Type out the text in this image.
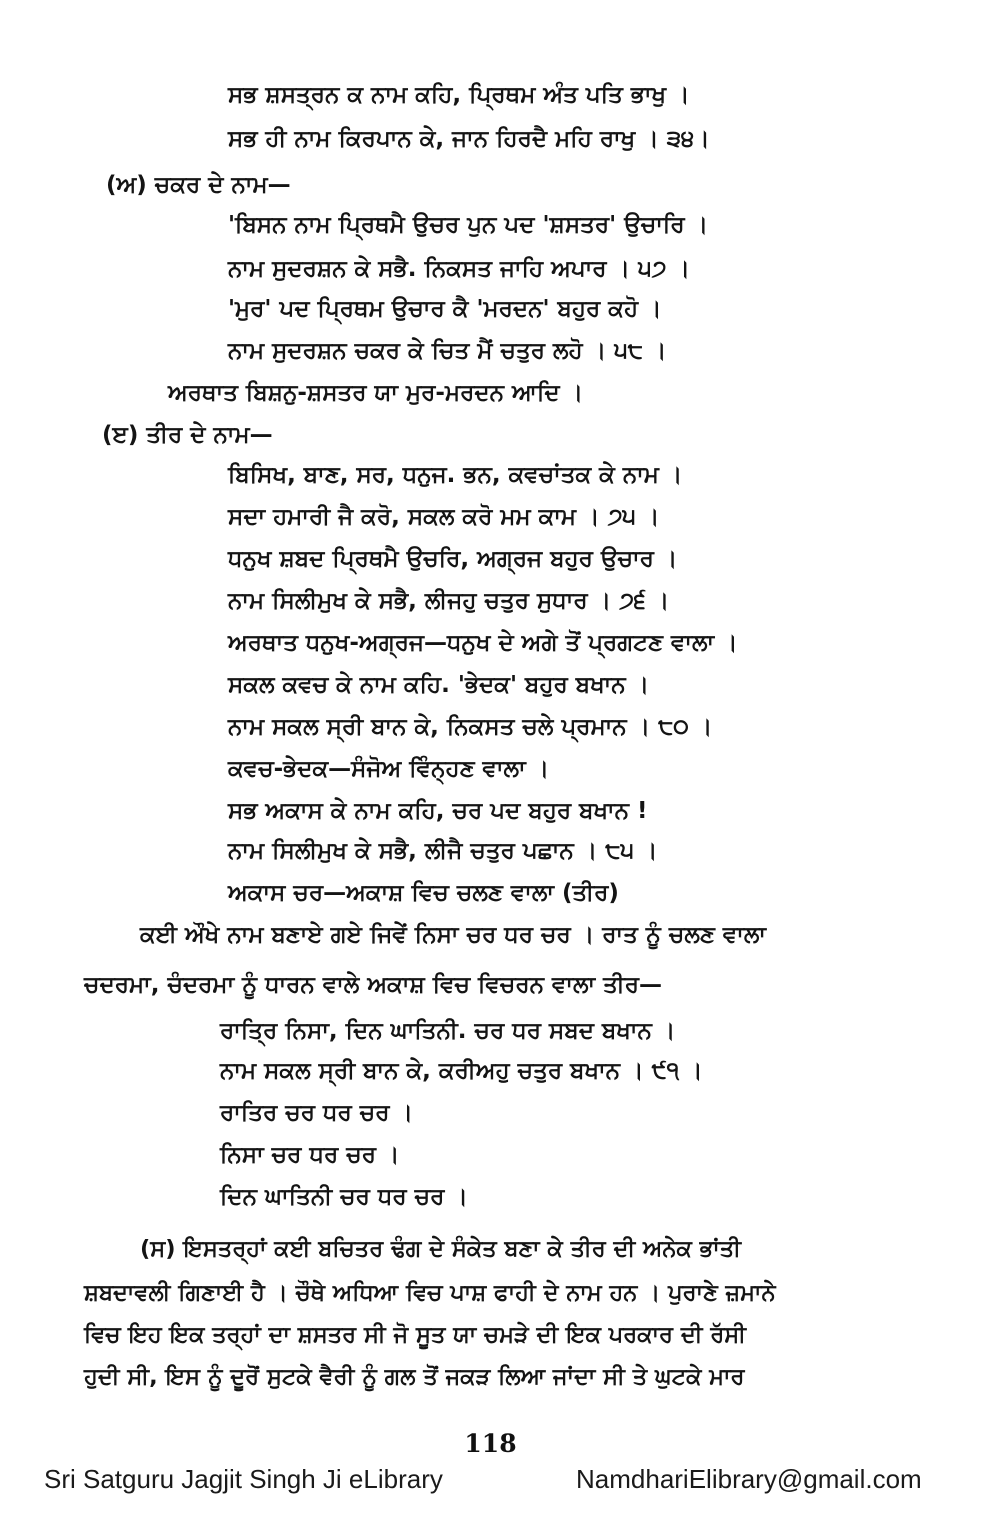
ਸਭ ਸ਼ਸਤ੍ਰਨ ਕ ਨਾਮ ਕਹਿ, ਪ੍ਰਿਥਮ ਅੰਤ ਪਤਿ ਭਾਖੁ ।
ਸਭ ਹੀ ਨਾਮ ਕਿਰਪਾਨ ਕੇ, ਜਾਨ ਹਿਰਦੈ ਮਹਿ ਰਾਖੁ । ੩੪।
(ਅ) ਚਕਰ ਦੇ ਨਾਮ—
'ਬਿਸਨ ਨਾਮ ਪ੍ਰਿਥਮੈ ਉਚਰ ਪੁਨ ਪਦ 'ਸ਼ਸਤਰ' ਉਚਾਰਿ ।
ਨਾਮ ਸੁਦਰਸ਼ਨ ਕੇ ਸਭੈ. ਨਿਕਸਤ ਜਾਹਿ ਅਪਾਰ । ੫੭ ।
'ਮੁਰ' ਪਦ ਪ੍ਰਿਥਮ ਉਚਾਰ ਕੈ 'ਮਰਦਨ' ਬਹੁਰ ਕਹੋ ।
ਨਾਮ ਸੁਦਰਸ਼ਨ ਚਕਰ ਕੇ ਚਿਤ ਮੈਂ ਚਤੁਰ ਲਹੋ । ੫੮ ।
ਅਰਥਾਤ ਬਿਸ਼ਨੁ-ਸ਼ਸਤਰ ਯਾ ਮੁਰ-ਮਰਦਨ ਆਦਿ ।
(ੲ) ਤੀਰ ਦੇ ਨਾਮ—
ਬਿਸਿਖ, ਬਾਣ, ਸਰ, ਧਨੁਜ. ਭਨ, ਕਵਚਾਂਤਕ ਕੇ ਨਾਮ ।
ਸਦਾ ਹਮਾਰੀ ਜੈ ਕਰੋ, ਸਕਲ ਕਰੋ ਮਮ ਕਾਮ । ੭੫ ।
ਧਨੁਖ ਸ਼ਬਦ ਪ੍ਰਿਥਮੈ ਉਚਰਿ, ਅਗ੍ਰਜ ਬਹੁਰ ਉਚਾਰ ।
ਨਾਮ ਸਿਲੀਮੁਖ ਕੇ ਸਭੈ, ਲੀਜਹੁ ਚਤੁਰ ਸੁਧਾਰ । ੭੬ ।
ਅਰਥਾਤ ਧਨੁਖ-ਅਗ੍ਰਜ—ਧਨੁਖ ਦੇ ਅਗੇ ਤੋਂ ਪ੍ਰਗਟਣ ਵਾਲਾ ।
ਸਕਲ ਕਵਚ ਕੇ ਨਾਮ ਕਹਿ. 'ਭੇਦਕ' ਬਹੁਰ ਬਖਾਨ ।
ਨਾਮ ਸਕਲ ਸ੍ਰੀ ਬਾਨ ਕੇ, ਨਿਕਸਤ ਚਲੇ ਪ੍ਰਮਾਨ । ੮੦ ।
ਕਵਚ-ਭੇਦਕ—ਸੰਜੋਅ ਵਿੰਨ੍ਹਣ ਵਾਲਾ ।
ਸਭ ਅਕਾਸ ਕੇ ਨਾਮ ਕਹਿ, ਚਰ ਪਦ ਬਹੁਰ ਬਖਾਨ !
ਨਾਮ ਸਿਲੀਮੁਖ ਕੇ ਸਭੈ, ਲੀਜੈ ਚਤੁਰ ਪਛਾਨ । ੮੫ ।
ਅਕਾਸ ਚਰ—ਅਕਾਸ਼ ਵਿਚ ਚਲਣ ਵਾਲਾ (ਤੀਰ)
ਕਈ ਔਖੇ ਨਾਮ ਬਣਾਏ ਗਏ ਜਿਵੇਂ ਨਿਸਾ ਚਰ ਧਰ ਚਰ । ਰਾਤ ਨੂੰ ਚਲਣ ਵਾਲਾ
ਚਦਰਮਾ, ਚੰਦਰਮਾ ਨੂੰ ਧਾਰਨ ਵਾਲੇ ਅਕਾਸ਼ ਵਿਚ ਵਿਚਰਨ ਵਾਲਾ ਤੀਰ—
ਰਾਤ੍ਰਿ ਨਿਸਾ, ਦਿਨ ਘਾਤਿਨੀ. ਚਰ ਧਰ ਸਬਦ ਬਖਾਨ ।
ਨਾਮ ਸਕਲ ਸ੍ਰੀ ਬਾਨ ਕੇ, ਕਰੀਅਹੁ ਚਤੁਰ ਬਖਾਨ । ੯੧ ।
ਰਾਤਿਰ ਚਰ ਧਰ ਚਰ ।
ਨਿਸਾ ਚਰ ਧਰ ਚਰ ।
ਦਿਨ ਘਾਤਿਨੀ ਚਰ ਧਰ ਚਰ ।
(ਸ) ਇਸਤਰ੍ਹਾਂ ਕਈ ਬਚਿਤਰ ਢੰਗ ਦੇ ਸੰਕੇਤ ਬਣਾ ਕੇ ਤੀਰ ਦੀ ਅਨੇਕ ਭਾਂਤੀ
ਸ਼ਬਦਾਵਲੀ ਗਿਣਾਈ ਹੈ । ਚੌਥੇ ਅਧਿਆ ਵਿਚ ਪਾਸ਼ ਫਾਹੀ ਦੇ ਨਾਮ ਹਨ । ਪੁਰਾਣੇ ਜ਼ਮਾਨੇ
ਵਿਚ ਇਹ ਇਕ ਤਰ੍ਹਾਂ ਦਾ ਸ਼ਸਤਰ ਸੀ ਜੋ ਸੂਤ ਯਾ ਚਮੜੇ ਦੀ ਇਕ ਪਰਕਾਰ ਦੀ ਰੱਸੀ
ਹੁਦੀ ਸੀ, ਇਸ ਨੂੰ ਦੂਰੋਂ ਸੁਟਕੇ ਵੈਰੀ ਨੂੰ ਗਲ ਤੋਂ ਜਕੜ ਲਿਆ ਜਾਂਦਾ ਸੀ ਤੇ ਘੁਟਕੇ ਮਾਰ
118
Sri Satguru Jagjit Singh Ji eLibrary	NamdhariElibrary@gmail.com
